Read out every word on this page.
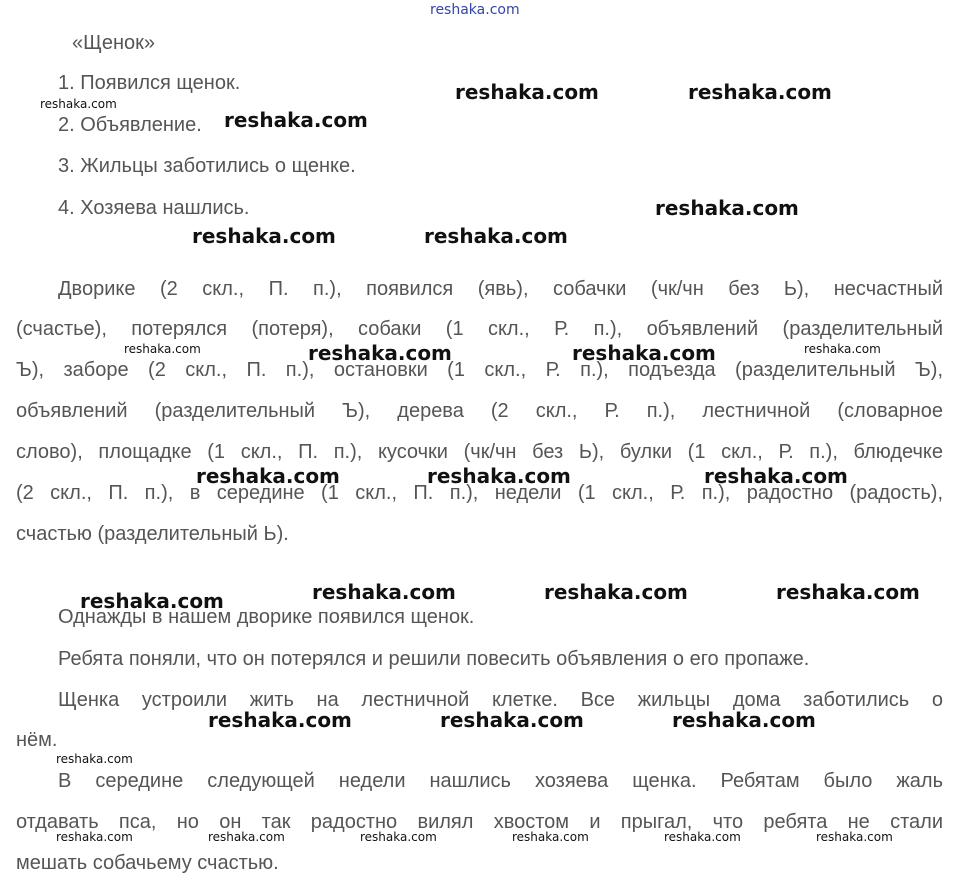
reshaka.com
«Щенок»
1. Появился щенок.
2. Объявление.
3. Жильцы заботились о щенке.
4. Хозяева нашлись.
Дворике (2 скл., П. п.), появился (явь), собачки (чк/чн без Ь), несчастный
(счастье), потерялся (потеря), собаки (1 скл., Р. п.), объявлений (разделительный
Ъ), заборе (2 скл., П. п.), остановки (1 скл., Р. п.), подъезда (разделительный Ъ),
объявлений (разделительный Ъ), дерева (2 скл., Р. п.), лестничной (словарное
слово), площадке (1 скл., П. п.), кусочки (чк/чн без Ь), булки (1 скл., Р. п.), блюдечке
(2 скл., П. п.), в середине (1 скл., П. п.), недели (1 скл., Р. п.), радостно (радость),
счастью (разделительный Ь).
Однажды в нашем дворике появился щенок.
Ребята поняли, что он потерялся и решили повесить объявления о его пропаже.
Щенка устроили жить на лестничной клетке. Все жильцы дома заботились о
нём.
В середине следующей недели нашлись хозяева щенка. Ребятам было жаль
отдавать пса, но он так радостно вилял хвостом и прыгал, что ребята не стали
мешать собачьему счастью.
reshaka.com	reshaka.com
reshaka.com
reshaka.com
reshaka.com	reshaka.com
reshaka.com	reshaka.com
reshaka.com	reshaka.com	reshaka.com
reshaka.com	reshaka.com	reshaka.com
reshaka.com
reshaka.com	reshaka.com	reshaka.com
reshaka.com
reshaka.com	reshaka.com
reshaka.com
reshaka.com	reshaka.com	reshaka.com	reshaka.com	reshaka.com	reshaka.com
